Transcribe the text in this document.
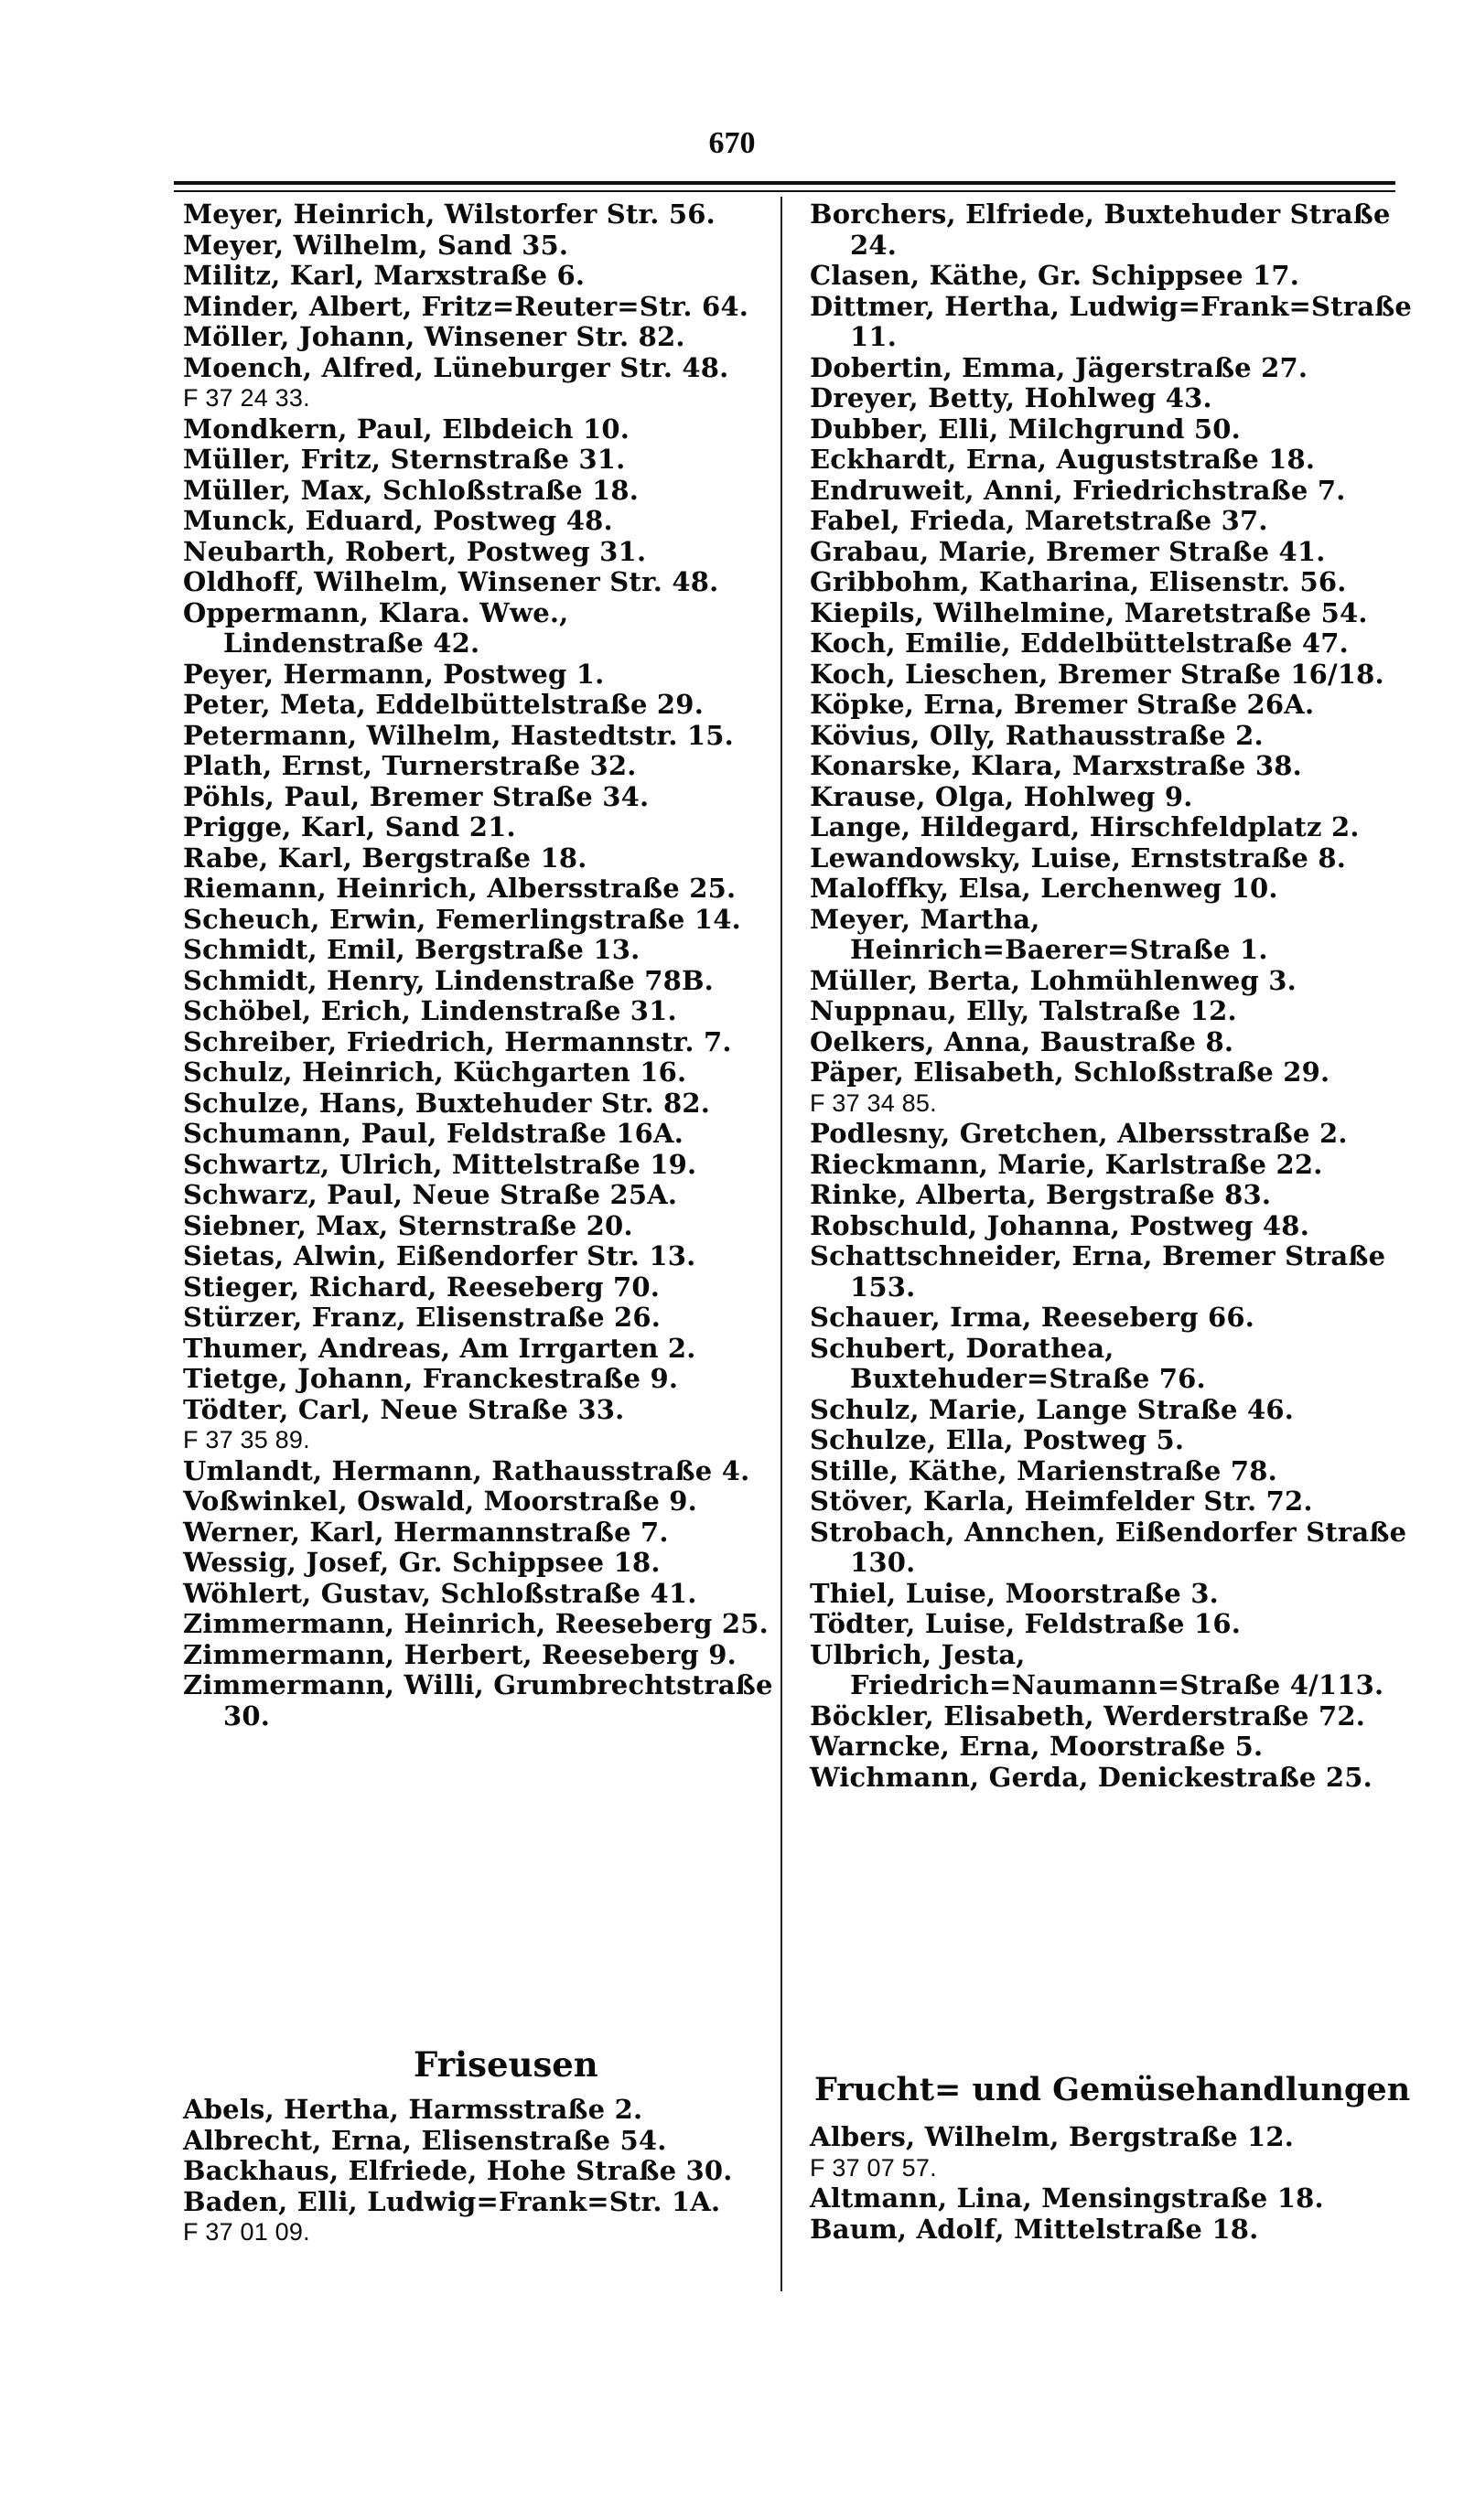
670
Meyer, Heinrich, Wilstorfer Str. 56.
Meyer, Wilhelm, Sand 35.
Militz, Karl, Marxstraße 6.
Minder, Albert, Fritz=Reuter=Str. 64.
Möller, Johann, Winsener Str. 82.
Moench, Alfred, Lüneburger Str. 48.
F 37 24 33.
Mondkern, Paul, Elbdeich 10.
Müller, Fritz, Sternstraße 31.
Müller, Max, Schloßstraße 18.
Munck, Eduard, Postweg 48.
Neubarth, Robert, Postweg 31.
Oldhoff, Wilhelm, Winsener Str. 48.
Oppermann, Klara. Wwe., Lindenstraße 42.
Peyer, Hermann, Postweg 1.
Peter, Meta, Eddelbüttelstraße 29.
Petermann, Wilhelm, Hastedtstr. 15.
Plath, Ernst, Turnerstraße 32.
Pöhls, Paul, Bremer Straße 34.
Prigge, Karl, Sand 21.
Rabe, Karl, Bergstraße 18.
Riemann, Heinrich, Albersstraße 25.
Scheuch, Erwin, Femerlingstraße 14.
Schmidt, Emil, Bergstraße 13.
Schmidt, Henry, Lindenstraße 78B.
Schöbel, Erich, Lindenstraße 31.
Schreiber, Friedrich, Hermannstr. 7.
Schulz, Heinrich, Küchgarten 16.
Schulze, Hans, Buxtehuder Str. 82.
Schumann, Paul, Feldstraße 16A.
Schwartz, Ulrich, Mittelstraße 19.
Schwarz, Paul, Neue Straße 25A.
Siebner, Max, Sternstraße 20.
Sietas, Alwin, Eißendorfer Str. 13.
Stieger, Richard, Reeseberg 70.
Stürzer, Franz, Elisenstraße 26.
Thumer, Andreas, Am Irrgarten 2.
Tietge, Johann, Franckestraße 9.
Tödter, Carl, Neue Straße 33.
F 37 35 89.
Umlandt, Hermann, Rathausstraße 4.
Voßwinkel, Oswald, Moorstraße 9.
Werner, Karl, Hermannstraße 7.
Wessig, Josef, Gr. Schippsee 18.
Wöhlert, Gustav, Schloßstraße 41.
Zimmermann, Heinrich, Reeseberg 25.
Zimmermann, Herbert, Reeseberg 9.
Zimmermann, Willi, Grumbrechtstraße 30.
Friseusen
Abels, Hertha, Harmsstraße 2.
Albrecht, Erna, Elisenstraße 54.
Backhaus, Elfriede, Hohe Straße 30.
Baden, Elli, Ludwig=Frank=Str. 1A.
F 37 01 09.
Borchers, Elfriede, Buxtehuder Straße 24.
Clasen, Käthe, Gr. Schippsee 17.
Dittmer, Hertha, Ludwig=Frank=Straße 11.
Dobertin, Emma, Jägerstraße 27.
Dreyer, Betty, Hohlweg 43.
Dubber, Elli, Milchgrund 50.
Eckhardt, Erna, Auguststraße 18.
Endruweit, Anni, Friedrichstraße 7.
Fabel, Frieda, Maretstraße 37.
Grabau, Marie, Bremer Straße 41.
Gribbohm, Katharina, Elisenstr. 56.
Kiepils, Wilhelmine, Maretstraße 54.
Koch, Emilie, Eddelbüttelstraße 47.
Koch, Lieschen, Bremer Straße 16/18.
Köpke, Erna, Bremer Straße 26A.
Kövius, Olly, Rathausstraße 2.
Konarske, Klara, Marxstraße 38.
Krause, Olga, Hohlweg 9.
Lange, Hildegard, Hirschfeldplatz 2.
Lewandowsky, Luise, Ernststraße 8.
Maloffky, Elsa, Lerchenweg 10.
Meyer, Martha, Heinrich=Baerer=Straße 1.
Müller, Berta, Lohmühlenweg 3.
Nuppnau, Elly, Talstraße 12.
Oelkers, Anna, Baustraße 8.
Päper, Elisabeth, Schloßstraße 29.
F 37 34 85.
Podlesny, Gretchen, Albersstraße 2.
Rieckmann, Marie, Karlstraße 22.
Rinke, Alberta, Bergstraße 83.
Robschuld, Johanna, Postweg 48.
Schattschneider, Erna, Bremer Straße 153.
Schauer, Irma, Reeseberg 66.
Schubert, Dorathea, Buxtehuder=Straße 76.
Schulz, Marie, Lange Straße 46.
Schulze, Ella, Postweg 5.
Stille, Käthe, Marienstraße 78.
Stöver, Karla, Heimfelder Str. 72.
Strobach, Annchen, Eißendorfer Straße 130.
Thiel, Luise, Moorstraße 3.
Tödter, Luise, Feldstraße 16.
Ulbrich, Jesta, Friedrich=Naumann=Straße 4/113.
Böckler, Elisabeth, Werderstraße 72.
Warncke, Erna, Moorstraße 5.
Wichmann, Gerda, Denickestraße 25.
Frucht= und Gemüsehandlungen
Albers, Wilhelm, Bergstraße 12.
F 37 07 57.
Altmann, Lina, Mensingstraße 18.
Baum, Adolf, Mittelstraße 18.
